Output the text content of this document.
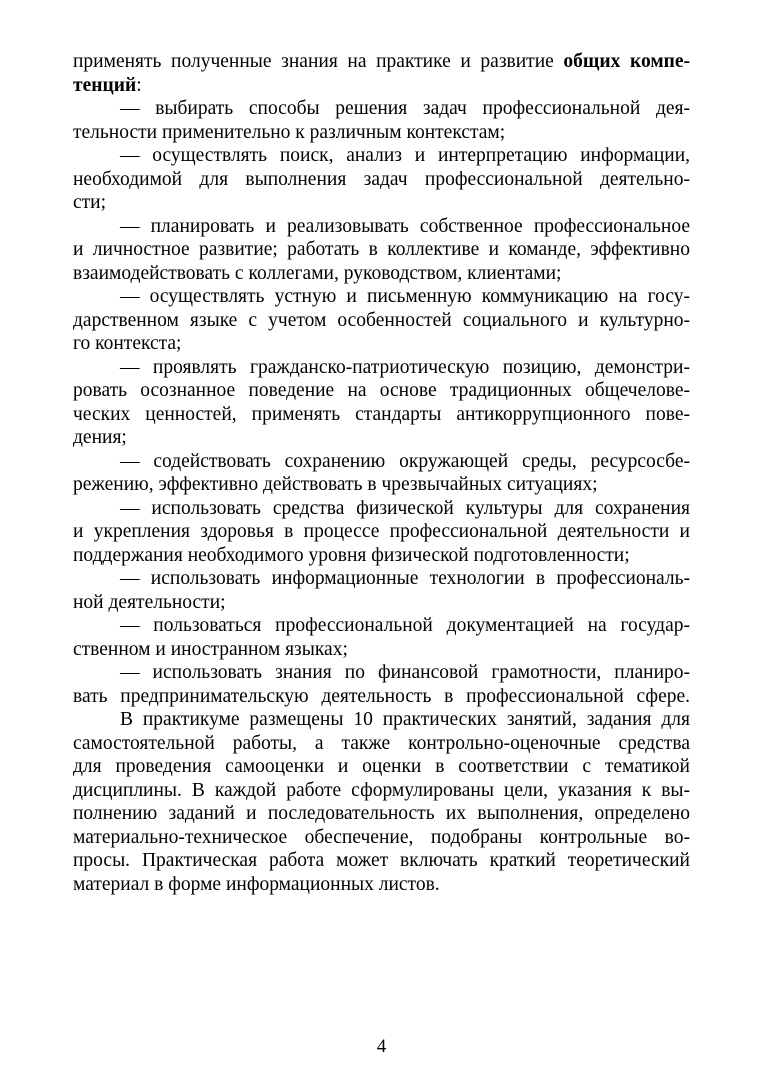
применять полученные знания на практике и развитие общих компе-
тенций:
— выбирать способы решения задач профессиональной дея-
тельности применительно к различным контекстам;
— осуществлять поиск, анализ и интерпретацию информации,
необходимой для выполнения задач профессиональной деятельно-
сти;
— планировать и реализовывать собственное профессиональное
и личностное развитие; работать в коллективе и команде, эффективно
взаимодействовать с коллегами, руководством, клиентами;
— осуществлять устную и письменную коммуникацию на госу-
дарственном языке с учетом особенностей социального и культурно-
го контекста;
— проявлять гражданско-патриотическую позицию, демонстри-
ровать осознанное поведение на основе традиционных общечелове-
ческих ценностей, применять стандарты антикоррупционного пове-
дения;
— содействовать сохранению окружающей среды, ресурсосбе-
режению, эффективно действовать в чрезвычайных ситуациях;
— использовать средства физической культуры для сохранения
и укрепления здоровья в процессе профессиональной деятельности и
поддержания необходимого уровня физической подготовленности;
— использовать информационные технологии в профессиональ-
ной деятельности;
— пользоваться профессиональной документацией на государ-
ственном и иностранном языках;
— использовать знания по финансовой грамотности, планиро-
вать предпринимательскую деятельность в профессиональной сфере.
В практикуме размещены 10 практических занятий, задания для
самостоятельной работы, а также контрольно-оценочные средства
для проведения самооценки и оценки в соответствии с тематикой
дисциплины. В каждой работе сформулированы цели, указания к вы-
полнению заданий и последовательность их выполнения, определено
материально-техническое обеспечение, подобраны контрольные во-
просы. Практическая работа может включать краткий теоретический
материал в форме информационных листов.
4
